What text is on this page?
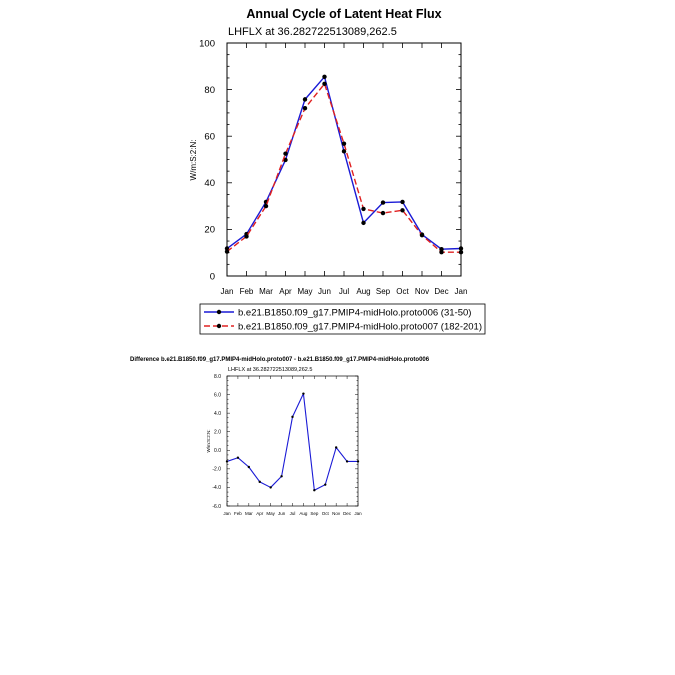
Annual Cycle of Latent Heat Flux
LHFLX at 36.282722513089,262.5
W/m:S:2:N:
Difference b.e21.B1850.f09_g17.PMIP4-midHolo.proto007 - b.e21.B1850.f09_g17.PMIP4-midHolo.proto006
LHFLX at 36.282722513089,262.5
W/m:S:2:N:
0
20
40
60
80
100
Jan Feb Mar Apr May Jun Jul Aug Sep Oct Nov Dec Jan
b.e21.B1850.f09_g17.PMIP4-midHolo.proto006 (31-50)
b.e21.B1850.f09_g17.PMIP4-midHolo.proto007 (182-201)
-6.0
-4.0
-2.0
0.0
2.0
4.0
6.0
8.0
Jan Feb Mar Apr May Jun Jul Aug Sep Oct Nov Dec Jan
